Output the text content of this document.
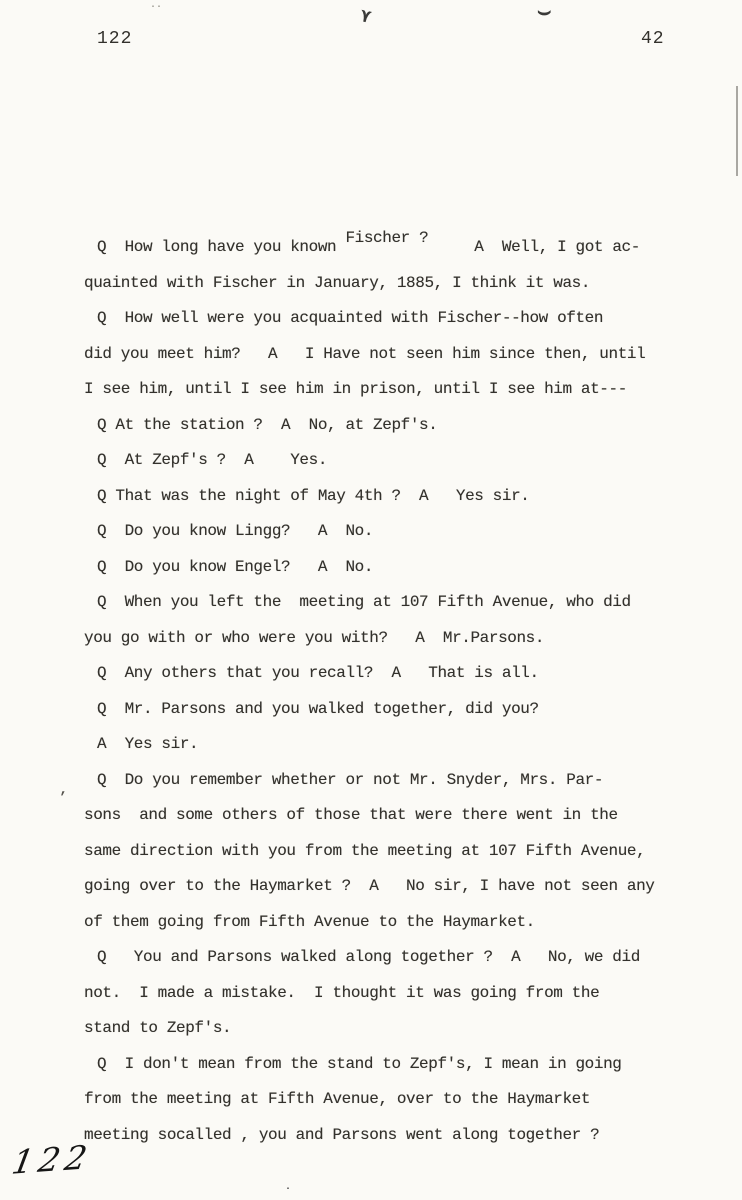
122	42
··	⋎	⌣
‚
Q  How long have you known Fischer ?     A  Well, I got ac-
quainted with Fischer in January, 1885, I think it was.
Q  How well were you acquainted with Fischer--how often
did you meet him?   A   I Have not seen him since then, until
I see him, until I see him in prison, until I see him at---
Q At the station ?  A  No, at Zepf's.
Q  At Zepf's ?  A    Yes.
Q That was the night of May 4th ?  A   Yes sir.
Q  Do you know Lingg?   A  No.
Q  Do you know Engel?   A  No.
Q  When you left the  meeting at 107 Fifth Avenue, who did
you go with or who were you with?   A  Mr.Parsons.
Q  Any others that you recall?  A   That is all.
Q  Mr. Parsons and you walked together, did you?
A  Yes sir.
Q  Do you remember whether or not Mr. Snyder, Mrs. Par-
sons  and some others of those that were there went in the
same direction with you from the meeting at 107 Fifth Avenue,
going over to the Haymarket ?  A   No sir, I have not seen any
of them going from Fifth Avenue to the Haymarket.
Q   You and Parsons walked along together ?  A   No, we did
not.  I made a mistake.  I thought it was going from the
stand to Zepf's.
Q  I don't mean from the stand to Zepf's, I mean in going
from the meeting at Fifth Avenue, over to the Haymarket
meeting socalled , you and Parsons went along together ?
122
·
